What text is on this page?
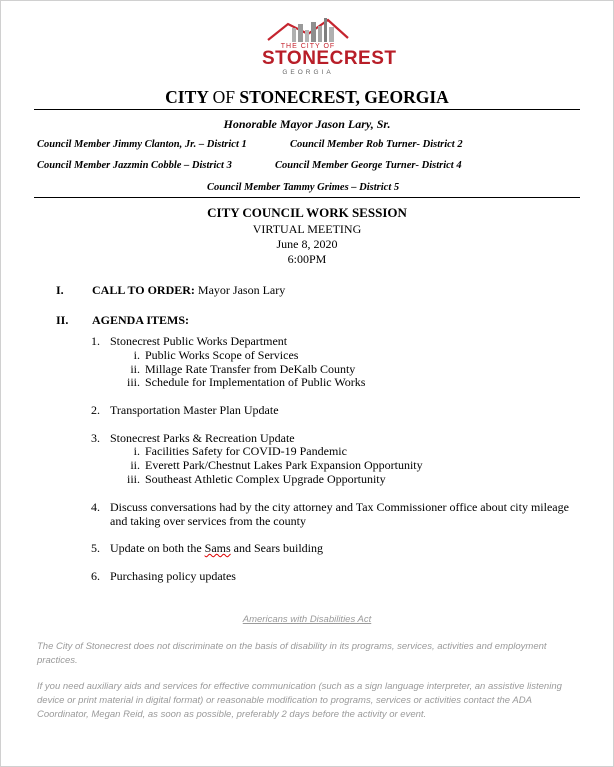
THE CITY OF
STONECREST
GEORGIA
CITY OF STONECREST, GEORGIA
Honorable Mayor Jason Lary, Sr.
Council Member Jimmy Clanton, Jr. – District 1	Council Member Rob Turner- District 2
Council Member Jazzmin Cobble – District 3	Council Member George Turner- District 4
Council Member Tammy Grimes – District 5
CITY COUNCIL WORK SESSION
VIRTUAL MEETING
June 8, 2020
6:00PM
I. CALL TO ORDER: Mayor Jason Lary
II. AGENDA ITEMS:
1. Stonecrest Public Works Department
i. Public Works Scope of Services
ii. Millage Rate Transfer from DeKalb County
iii. Schedule for Implementation of Public Works
2. Transportation Master Plan Update
3. Stonecrest Parks & Recreation Update
i. Facilities Safety for COVID-19 Pandemic
ii. Everett Park/Chestnut Lakes Park Expansion Opportunity
iii. Southeast Athletic Complex Upgrade Opportunity
4. Discuss conversations had by the city attorney and Tax Commissioner office about city mileage
and taking over services from the county
5. Update on both the Sams and Sears building
6. Purchasing policy updates
Americans with Disabilities Act
The City of Stonecrest does not discriminate on the basis of disability in its programs, services, activities and employment practices.
If you need auxiliary aids and services for effective communication (such as a sign language interpreter, an assistive listening device or print material in digital format) or reasonable modification to programs, services or activities contact the ADA Coordinator, Megan Reid, as soon as possible, preferably 2 days before the activity or event.
